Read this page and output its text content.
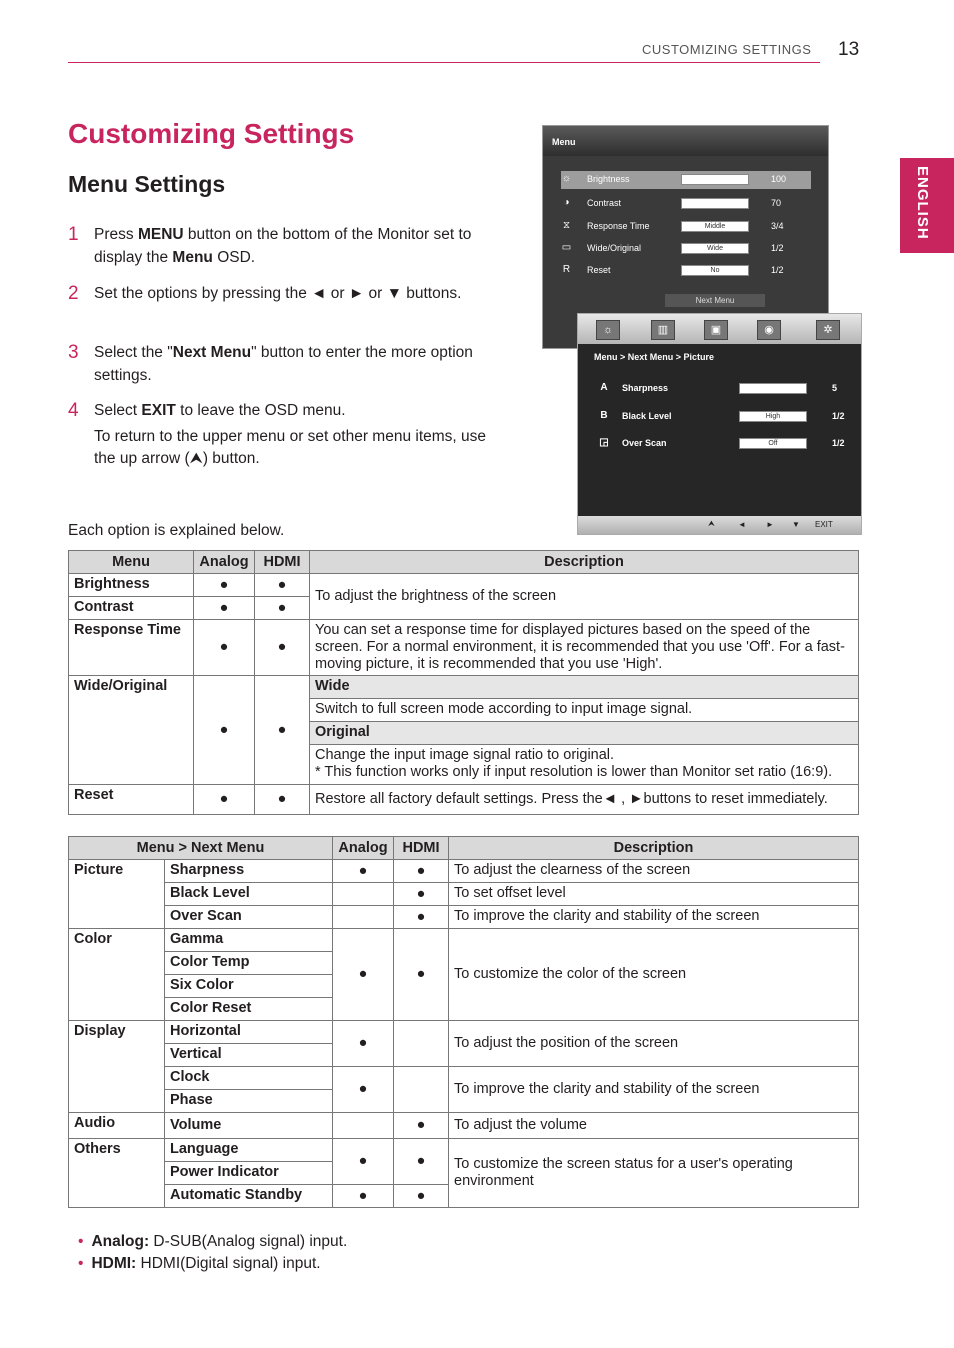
CUSTOMIZING SETTINGS 13
ENGLISH
Customizing Settings
Menu Settings
1 Press MENU button on the bottom of the Monitor set to display the Menu OSD.
2 Set the options by pressing the ◄ or ► or ▼ buttons.
3 Select the "Next Menu" button to enter the more option settings.
4 Select EXIT to leave the OSD menu.
To return to the upper menu or set other menu items, use the up arrow (⮝) button.
Menu
☼ Brightness	100
◑ Contrast	70
⧖ Response Time	Middle	3/4
▭ Wide/Original	Wide	1/2
R Reset	No	1/2
Next Menu
☼	▥	▣	◉	✲
Menu > Next Menu > Picture
A Sharpness	5
B Black Level	High	1/2
◲ Over Scan	Off	1/2
⮝	◄	► ▼ EXIT
Each option is explained below.
Menu	Analog	HDMI	Description
Brightness	●	●	To adjust the brightness of the screen
Contrast	●	●	
Response Time	●	●	You can set a response time for displayed pictures based on the speed of the screen. For a normal environment, it is recommended that you use 'Off'. For a fast-moving picture, it is recommended that you use 'High'.
Wide/Original	●	●	Wide
			Switch to full screen mode according to input image signal.
			Original

			Change the input image signal ratio to original.
* This function works only if input resolution is lower than Monitor set ratio (16:9).

Reset	●	●	Restore all factory default settings. Press the◄ , ►buttons to reset immediately.
Menu > Next Menu		Analog	HDMI	Description
Picture	Sharpness	●	●	To adjust the clearness of the screen
	Black Level		●	To set offset level
	Over Scan		●	To improve the clarity and stability of the screen
Color	Gamma	●	●	To customize the color of the screen
	Color Temp			
	Six Color			
	Color Reset			
Display	Horizontal	●		To adjust the position of the screen
	Vertical			
	Clock	●		To improve the clarity and stability of the screen
	Phase			
Audio	Volume		●	To adjust the volume
Others	Language	●	●	To customize the screen status for a user's operating environment
	Power Indicator			
	Automatic Standby	●	●	
• Analog: D-SUB(Analog signal) input.
• HDMI: HDMI(Digital signal) input.
